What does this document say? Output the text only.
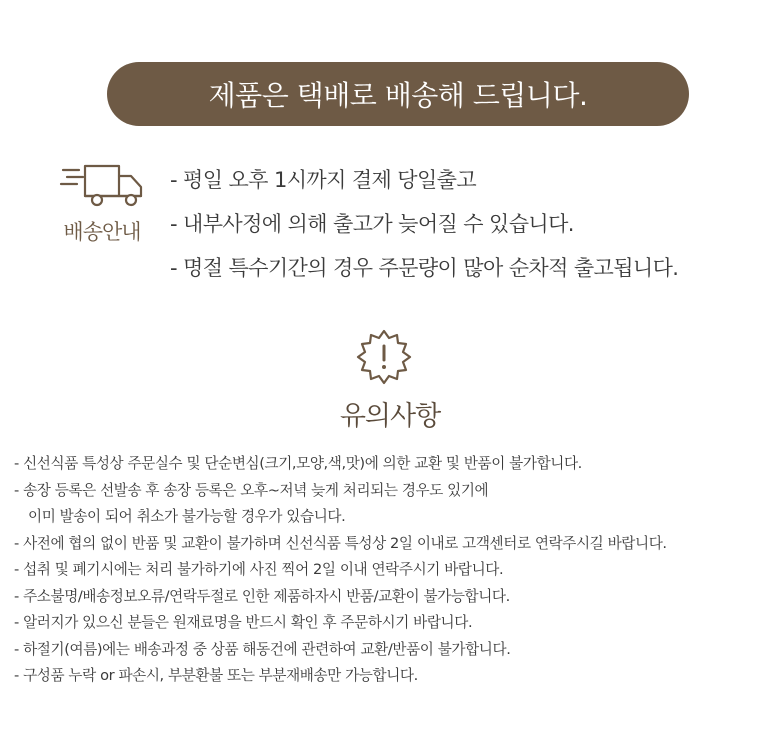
제품은 택배로 배송해 드립니다.
배송안내
- 평일 오후 1시까지 결제 당일출고
- 내부사정에 의해 출고가 늦어질 수 있습니다.
- 명절 특수기간의 경우 주문량이 많아 순차적 출고됩니다.
유의사항
- 신선식품 특성상 주문실수 및 단순변심(크기,모양,색,맛)에 의한 교환 및 반품이 불가합니다.
- 송장 등록은 선발송 후 송장 등록은 오후~저녁 늦게 처리되는 경우도 있기에
이미 발송이 되어 취소가 불가능할 경우가 있습니다.
- 사전에 협의 없이 반품 및 교환이 불가하며 신선식품 특성상 2일 이내로 고객센터로 연락주시길 바랍니다.
- 섭취 및 폐기시에는 처리 불가하기에 사진 찍어 2일 이내 연락주시기 바랍니다.
- 주소불명/배송정보오류/연락두절로 인한 제품하자시 반품/교환이 불가능합니다.
- 알러지가 있으신 분들은 원재료명을 반드시 확인 후 주문하시기 바랍니다.
- 하절기(여름)에는 배송과정 중 상품 해동건에 관련하여 교환/반품이 불가합니다.
- 구성품 누락 or 파손시, 부분환불 또는 부분재배송만 가능합니다.
